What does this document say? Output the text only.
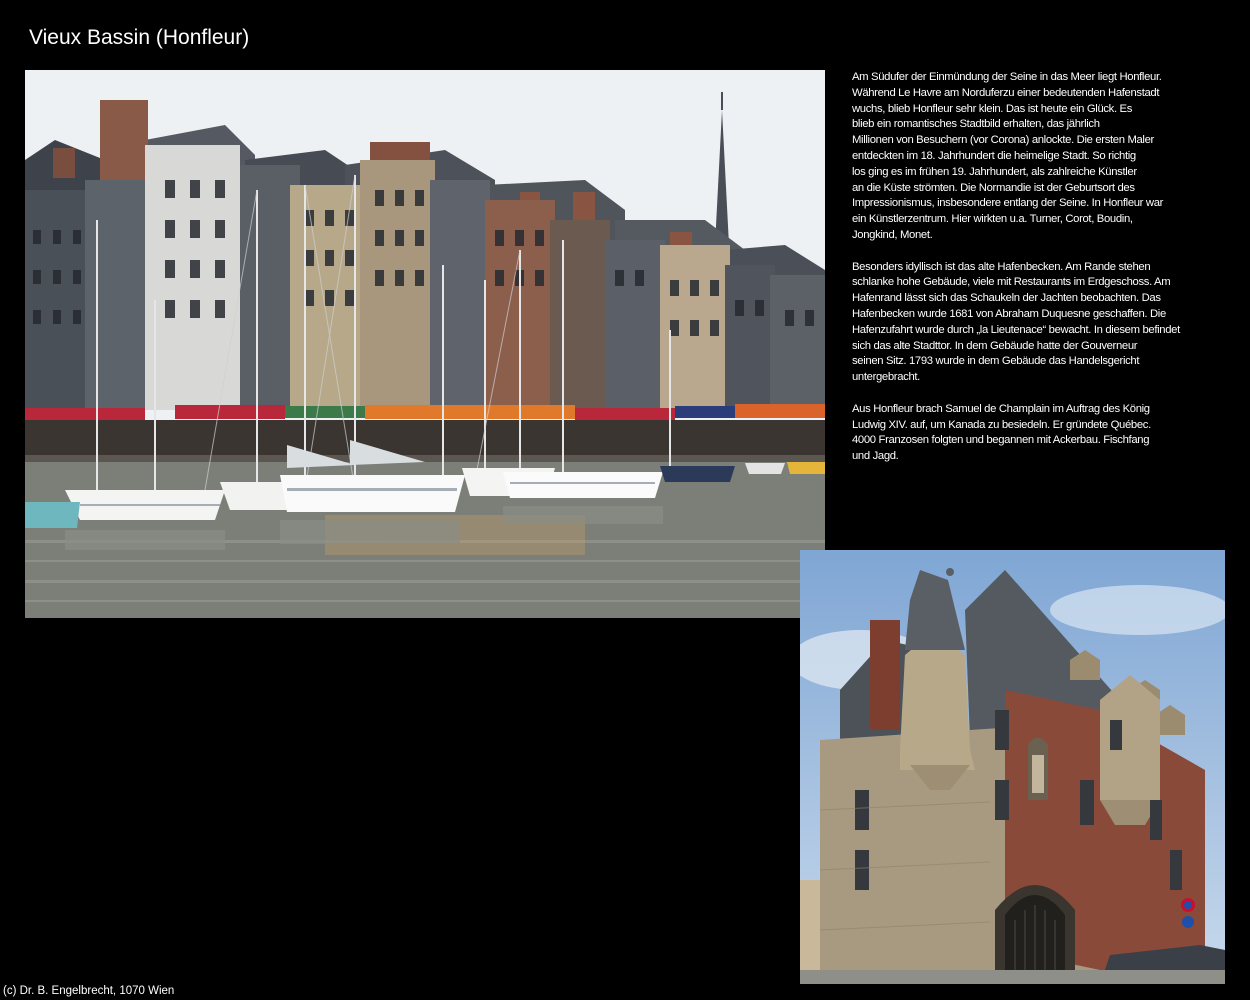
Vieux Bassin (Honfleur)

Am Südufer der Einmündung der Seine in das Meer liegt Honfleur.
Während Le Havre am Norduferzu einer bedeutenden Hafenstadt
wuchs, blieb Honfleur sehr klein. Das ist heute ein Glück. Es
blieb ein romantisches Stadtbild erhalten, das jährlich
Millionen von Besuchern (vor Corona) anlockte. Die ersten Maler
entdeckten im 18. Jahrhundert die heimelige Stadt. So richtig
los ging es im frühen 19. Jahrhundert, als zahlreiche Künstler
an die Küste strömten. Die Normandie ist der Geburtsort des
Impressionismus, insbesondere entlang der Seine. In Honfleur war
ein Künstlerzentrum. Hier wirkten u.a. Turner, Corot, Boudin,
Jongkind, Monet.

Besonders idyllisch ist das alte Hafenbecken. Am Rande stehen
schlanke hohe Gebäude, viele mit Restaurants im Erdgeschoss. Am
Hafenrand lässt sich das Schaukeln der Jachten beobachten. Das
Hafenbecken wurde 1681 von Abraham Duquesne geschaffen. Die
Hafenzufahrt wurde durch „la Lieutenace“ bewacht. In diesem befindet
sich das alte Stadttor. In dem Gebäude hatte der Gouverneur
seinen Sitz. 1793 wurde in dem Gebäude das Handelsgericht
untergebracht.

Aus Honfleur brach Samuel de Champlain im Auftrag des König
Ludwig XIV. auf, um Kanada zu besiedeln. Er gründete Québec.
4000 Franzosen folgten und begannen mit Ackerbau. Fischfang
und Jagd.

(c) Dr. B. Engelbrecht, 1070 Wien
